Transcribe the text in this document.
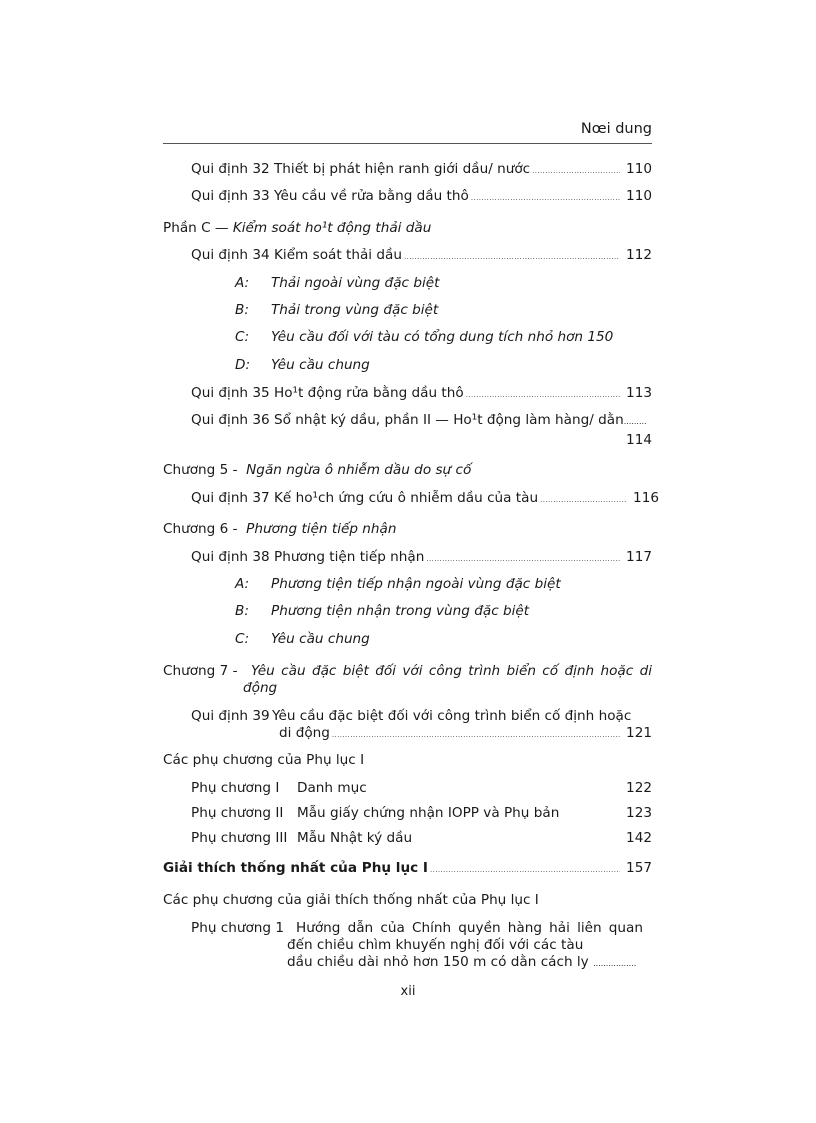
Nœi dung
Qui định 32 Thiết bị phát hiện ranh giới dầu/ nước .....	110
Qui định 33 Yêu cầu về rửa bằng dầu thô .....	110
Phần C — Kiểm soát ho¹t động thải dầu
Qui định 34 Kiểm soát thải dầu .....	112
A: Thải ngoài vùng đặc biệt
B: Thải trong vùng đặc biệt
C: Yêu cầu đối với tàu có tổng dung tích nhỏ hơn 150
D: Yêu cầu chung
Qui định 35 Ho¹t động rửa bằng dầu thô .....	113
Qui định 36 Sổ nhật ký dầu, phần II — Ho¹t động làm hàng/ dằn.........
114
Chương 5 - Ngăn ngừa ô nhiễm dầu do sự cố
Qui định 37 Kế ho¹ch ứng cứu ô nhiễm dầu của tàu .....	116
Chương 6 - Phương tiện tiếp nhận
Qui định 38 Phương tiện tiếp nhận .....	117
A: Phương tiện tiếp nhận ngoài vùng đặc biệt
B: Phương tiện nhận trong vùng đặc biệt
C: Yêu cầu chung
Chương 7 - Yêu cầu đặc biệt đối với công trình biển cố định hoặc di
động
Qui định 39 Yêu cầu đặc biệt đối với công trình biển cố định hoặc
di động .....	121
Các phụ chương của Phụ lục I
Phụ chương I Danh mục	122
Phụ chương II Mẫu giấy chứng nhận IOPP và Phụ bản	123
Phụ chương III Mẫu Nhật ký dầu	142
Giải thích thống nhất của Phụ lục I .....	157
Các phụ chương của giải thích thống nhất của Phụ lục I
Phụ chương 1 Hướng dẫn của Chính quyền hàng hải liên quan
đến chiều chìm khuyến nghị đối với các tàu
dầu chiều dài nhỏ hơn 150 m có dằn cách ly .................
xii
